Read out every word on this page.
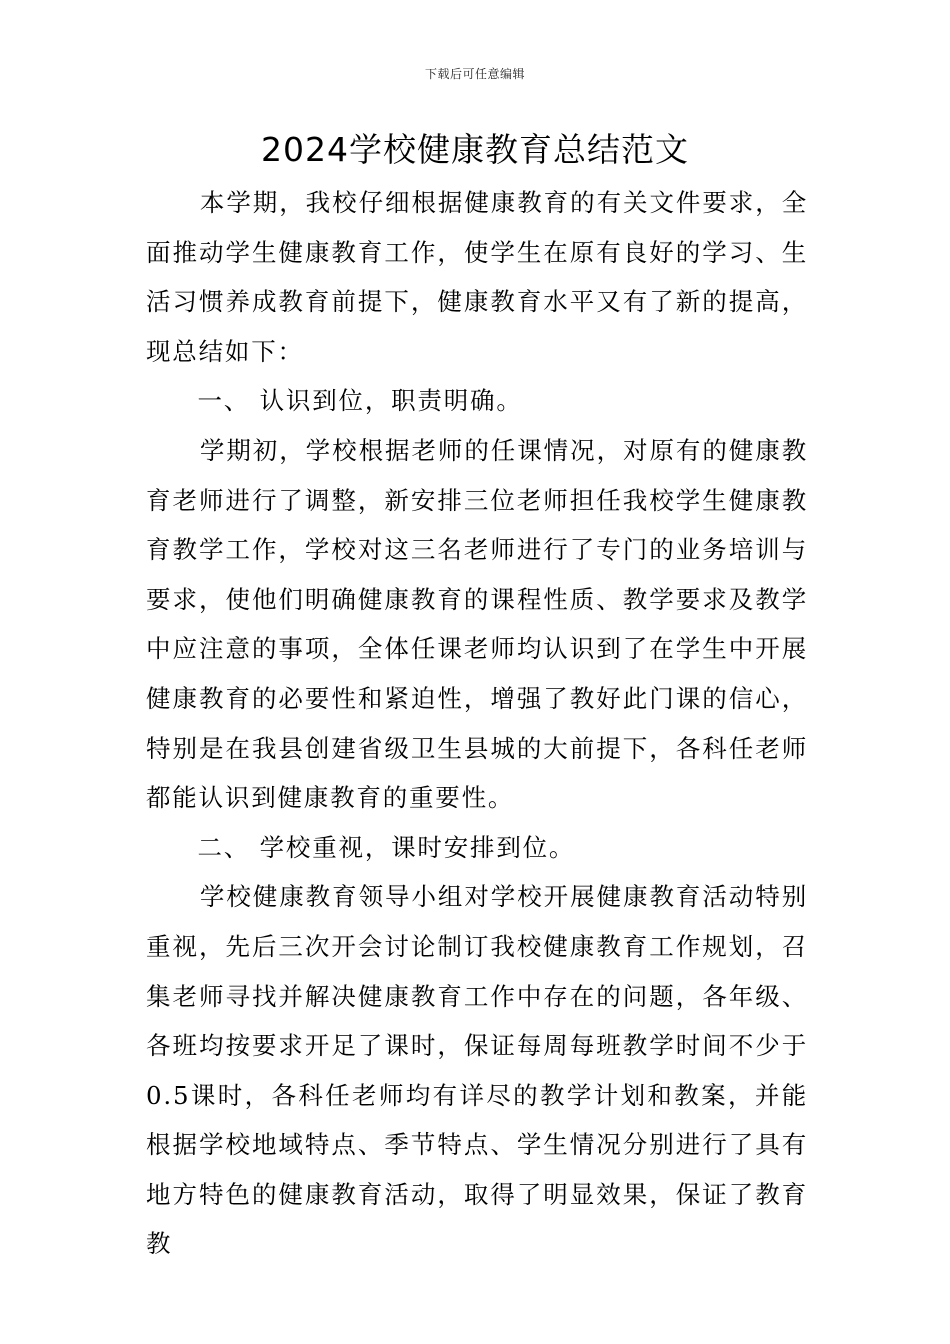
下载后可任意编辑
2024学校健康教育总结范文

本学期，我校仔细根据健康教育的有关文件要求，全面推动学生健康教育工作，使学生在原有良好的学习、生活习惯养成教育前提下，健康教育水平又有了新的提高，现总结如下：

一、 认识到位，职责明确。

学期初，学校根据老师的任课情况，对原有的健康教育老师进行了调整，新安排三位老师担任我校学生健康教育教学工作，学校对这三名老师进行了专门的业务培训与要求，使他们明确健康教育的课程性质、教学要求及教学中应注意的事项，全体任课老师均认识到了在学生中开展健康教育的必要性和紧迫性，增强了教好此门课的信心，特别是在我县创建省级卫生县城的大前提下，各科任老师都能认识到健康教育的重要性。

二、 学校重视，课时安排到位。

学校健康教育领导小组对学校开展健康教育活动特别重视，先后三次开会讨论制订我校健康教育工作规划，召集老师寻找并解决健康教育工作中存在的问题，各年级、各班均按要求开足了课时，保证每周每班教学时间不少于0.5课时，各科任老师均有详尽的教学计划和教案，并能根据学校地域特点、季节特点、学生情况分别进行了具有地方特色的健康教育活动，取得了明显效果，保证了教育教
